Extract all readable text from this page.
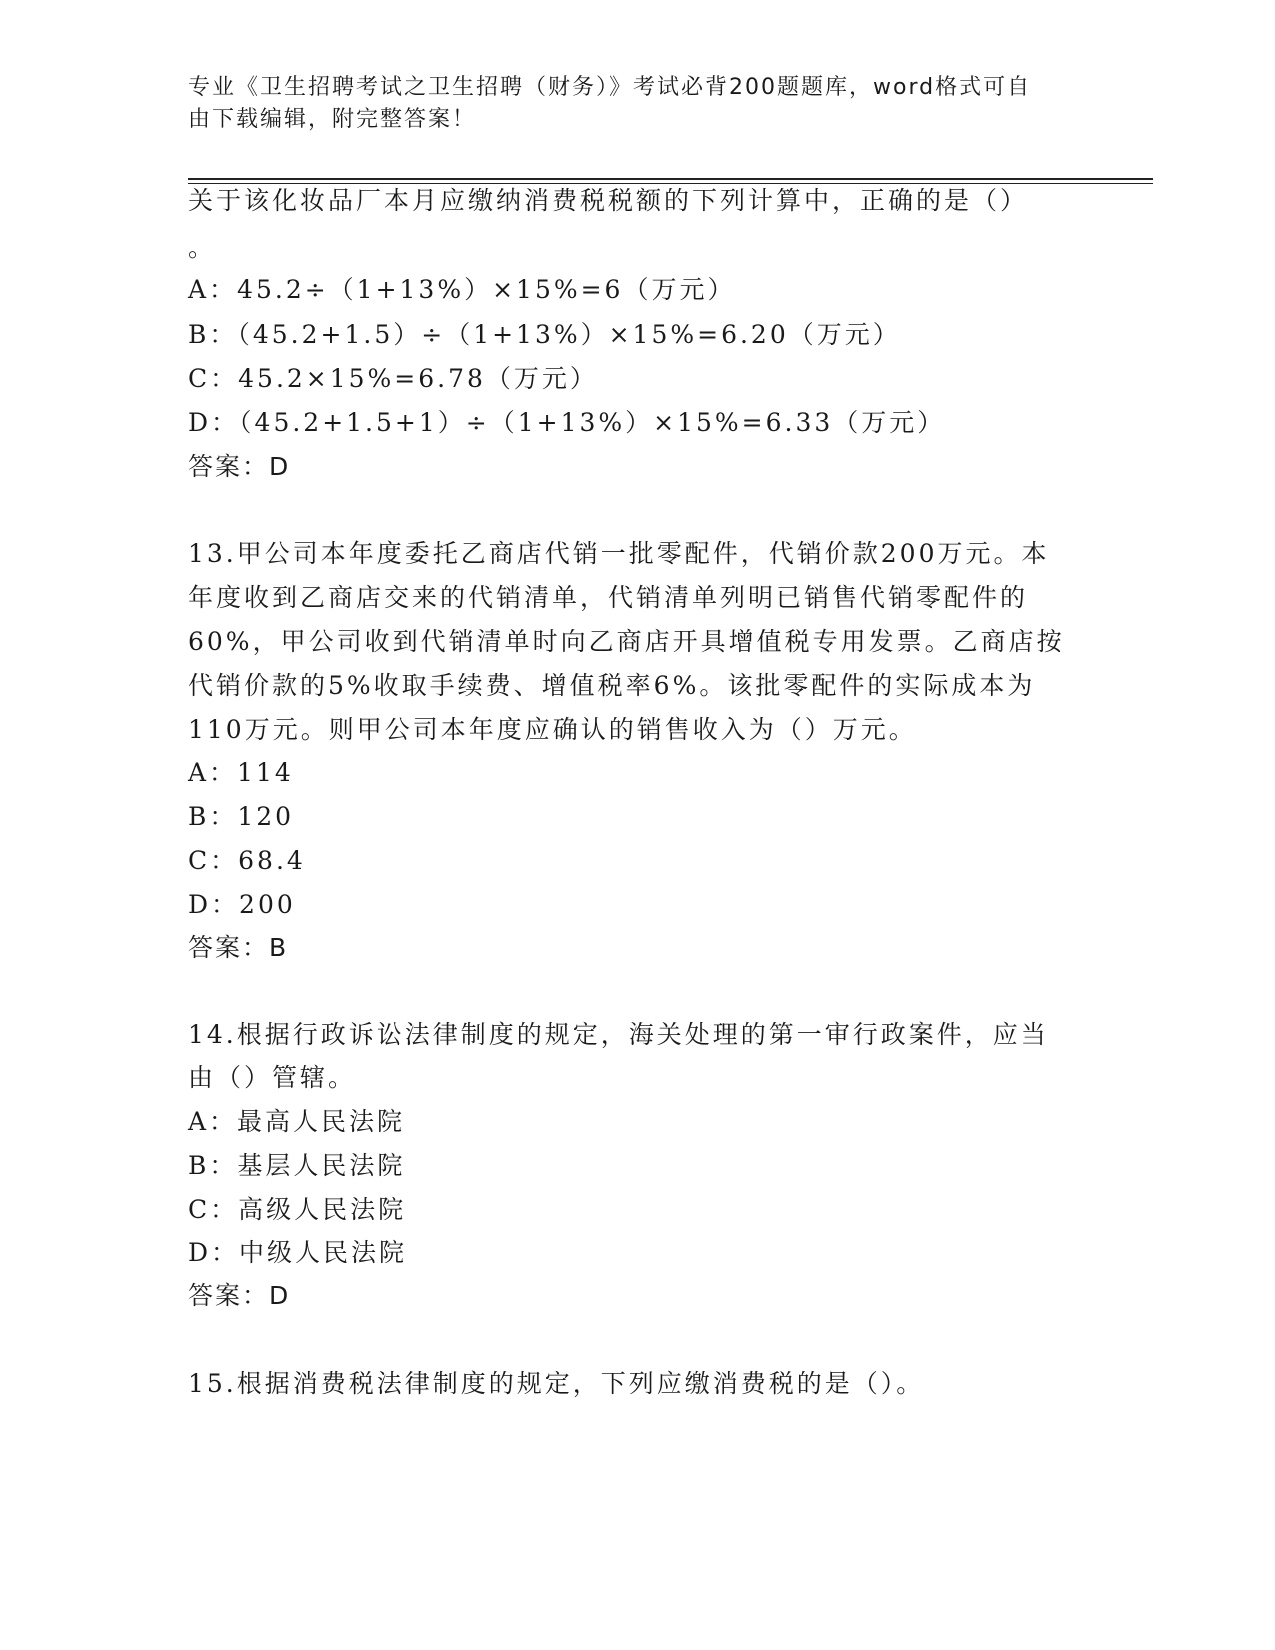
专业《卫生招聘考试之卫生招聘（财务）》考试必背200题题库，word格式可自
由下载编辑，附完整答案！
关于该化妆品厂本月应缴纳消费税税额的下列计算中，正确的是（）
。
A：45.2÷（1+13%）×15%=6（万元）
B：（45.2+1.5）÷（1+13%）×15%=6.20（万元）
C：45.2×15%=6.78（万元）
D：（45.2+1.5+1）÷（1+13%）×15%=6.33（万元）
答案：D
13.甲公司本年度委托乙商店代销一批零配件，代销价款200万元。本
年度收到乙商店交来的代销清单，代销清单列明已销售代销零配件的
60%，甲公司收到代销清单时向乙商店开具增值税专用发票。乙商店按
代销价款的5%收取手续费、增值税率6%。该批零配件的实际成本为
110万元。则甲公司本年度应确认的销售收入为（）万元。
A：114
B：120
C：68.4
D：200
答案：B
14.根据行政诉讼法律制度的规定，海关处理的第一审行政案件，应当
由（）管辖。
A：最高人民法院
B：基层人民法院
C：高级人民法院
D：中级人民法院
答案：D
15.根据消费税法律制度的规定，下列应缴消费税的是（）。
